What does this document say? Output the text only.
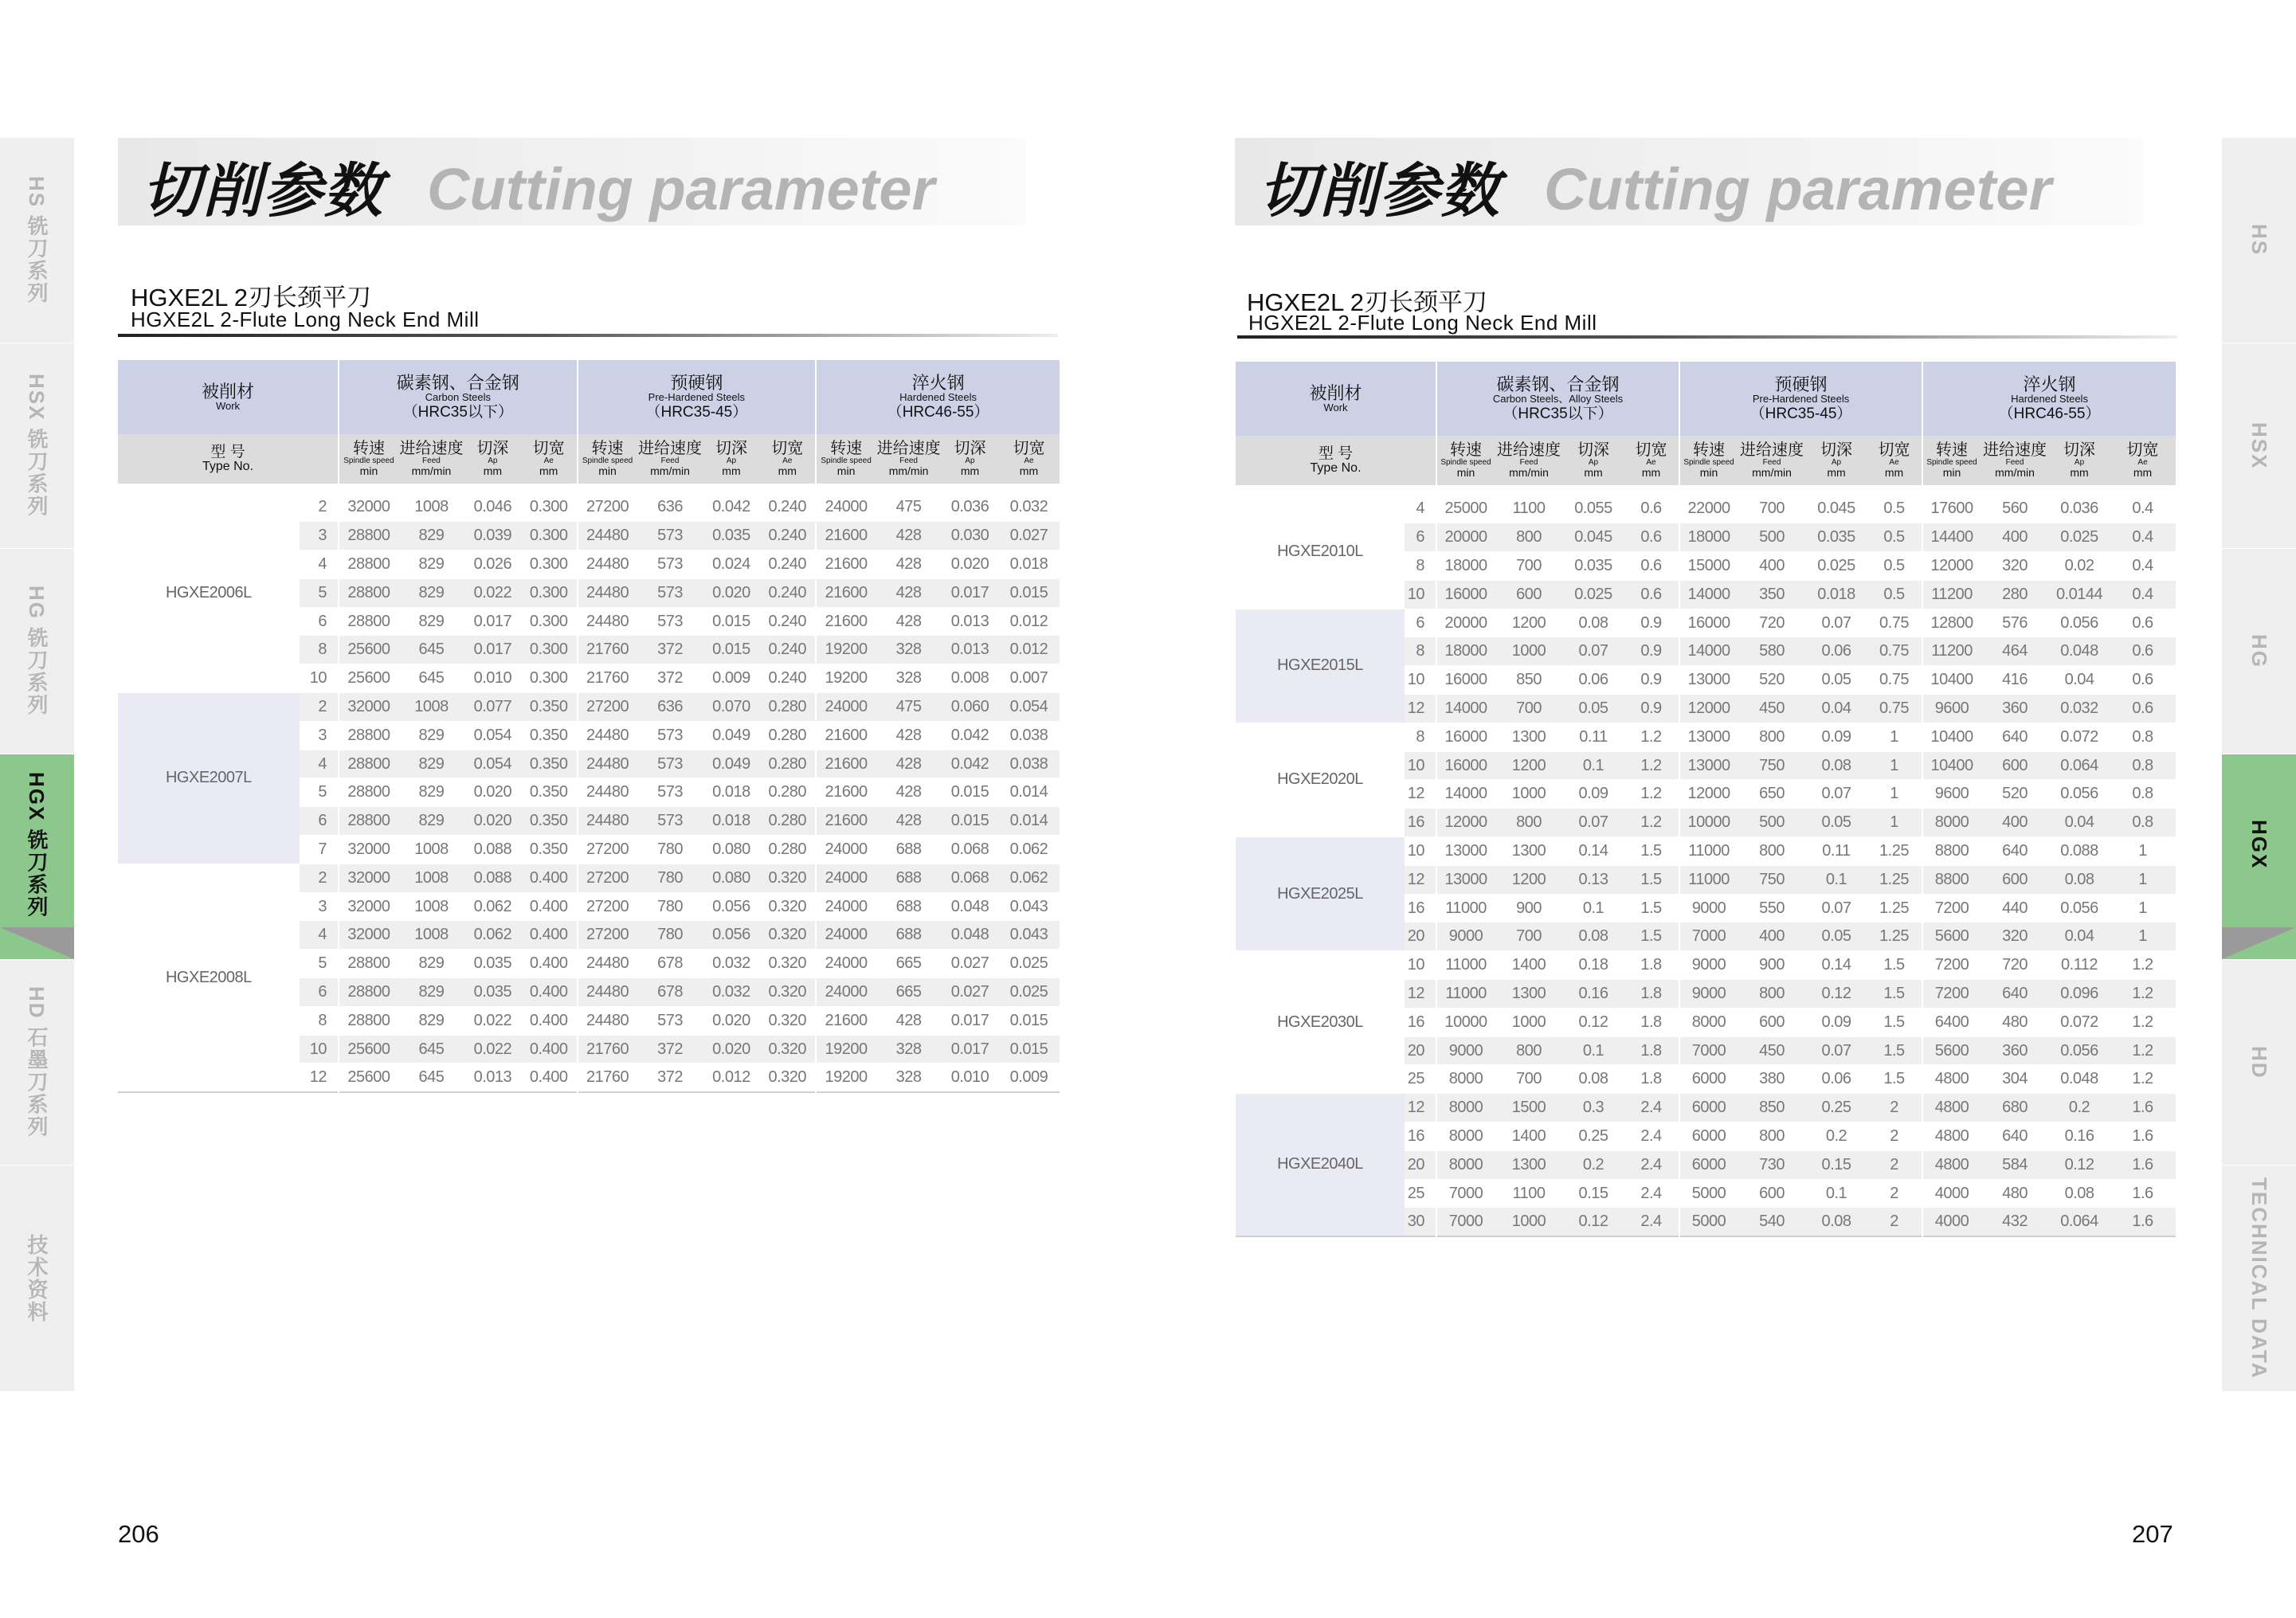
HS 铣刀系列
HSX 铣刀系列
HG 铣刀系列
HGX 铣刀系列
HD 石墨刀系列
技术资料
HS
HSX
HG
HGX
HD
TECHNICAL DATA
切削参数 Cutting parameter
HGXE2L 2刃长颈平刀
HGXE2L 2-Flute Long Neck End Mill
切削参数 Cutting parameter
HGXE2L 2刃长颈平刀
HGXE2L 2-Flute Long Neck End Mill
被削材
Work		碳素钢、合金钢
Carbon Steels
（HRC35以下）				预硬钢
Pre-Hardened Steels
（HRC35-45）				淬火钢
Hardened Steels
（HRC46-55）			

型 号
Type No.		转速
Spindle speed
min	进给速度
Feed
mm/min	切深
Ap
mm	切宽
Ae
mm	转速
Spindle speed
min	进给速度
Feed
mm/min	切深
Ap
mm	切宽
Ae
mm	转速
Spindle speed
min	进给速度
Feed
mm/min	切深
Ap
mm	切宽
Ae
mm

HGXE2006L	2	32000	1008	0.046	0.300	27200	636	0.042	0.240	24000	475	0.036	0.032
	3	28800	829	0.039	0.300	24480	573	0.035	0.240	21600	428	0.030	0.027
	4	28800	829	0.026	0.300	24480	573	0.024	0.240	21600	428	0.020	0.018
	5	28800	829	0.022	0.300	24480	573	0.020	0.240	21600	428	0.017	0.015
	6	28800	829	0.017	0.300	24480	573	0.015	0.240	21600	428	0.013	0.012
	8	25600	645	0.017	0.300	21760	372	0.015	0.240	19200	328	0.013	0.012
	10	25600	645	0.010	0.300	21760	372	0.009	0.240	19200	328	0.008	0.007
HGXE2007L	2	32000	1008	0.077	0.350	27200	636	0.070	0.280	24000	475	0.060	0.054
	3	28800	829	0.054	0.350	24480	573	0.049	0.280	21600	428	0.042	0.038
	4	28800	829	0.054	0.350	24480	573	0.049	0.280	21600	428	0.042	0.038
	5	28800	829	0.020	0.350	24480	573	0.018	0.280	21600	428	0.015	0.014
	6	28800	829	0.020	0.350	24480	573	0.018	0.280	21600	428	0.015	0.014
	7	32000	1008	0.088	0.350	27200	780	0.080	0.280	24000	688	0.068	0.062
HGXE2008L	2	32000	1008	0.088	0.400	27200	780	0.080	0.320	24000	688	0.068	0.062
	3	32000	1008	0.062	0.400	27200	780	0.056	0.320	24000	688	0.048	0.043
	4	32000	1008	0.062	0.400	27200	780	0.056	0.320	24000	688	0.048	0.043
	5	28800	829	0.035	0.400	24480	678	0.032	0.320	24000	665	0.027	0.025
	6	28800	829	0.035	0.400	24480	678	0.032	0.320	24000	665	0.027	0.025
	8	28800	829	0.022	0.400	24480	573	0.020	0.320	21600	428	0.017	0.015
	10	25600	645	0.022	0.400	21760	372	0.020	0.320	19200	328	0.017	0.015
	12	25600	645	0.013	0.400	21760	372	0.012	0.320	19200	328	0.010	0.009
被削材
Work		碳素钢、合金钢
Carbon Steels、Alloy Steels
（HRC35以下）				预硬钢
Pre-Hardened Steels
（HRC35-45）				淬火钢
Hardened Steels
（HRC46-55）			

型 号
Type No.		转速
Spindle speed
min	进给速度
Feed
mm/min	切深
Ap
mm	切宽
Ae
mm	转速
Spindle speed
min	进给速度
Feed
mm/min	切深
Ap
mm	切宽
Ae
mm	转速
Spindle speed
min	进给速度
Feed
mm/min	切深
Ap
mm	切宽
Ae
mm

HGXE2010L	4	25000	1100	0.055	0.6	22000	700	0.045	0.5	17600	560	0.036	0.4
	6	20000	800	0.045	0.6	18000	500	0.035	0.5	14400	400	0.025	0.4
	8	18000	700	0.035	0.6	15000	400	0.025	0.5	12000	320	0.02	0.4
	10	16000	600	0.025	0.6	14000	350	0.018	0.5	11200	280	0.0144	0.4
HGXE2015L	6	20000	1200	0.08	0.9	16000	720	0.07	0.75	12800	576	0.056	0.6
	8	18000	1000	0.07	0.9	14000	580	0.06	0.75	11200	464	0.048	0.6
	10	16000	850	0.06	0.9	13000	520	0.05	0.75	10400	416	0.04	0.6
	12	14000	700	0.05	0.9	12000	450	0.04	0.75	9600	360	0.032	0.6
HGXE2020L	8	16000	1300	0.11	1.2	13000	800	0.09	1	10400	640	0.072	0.8
	10	16000	1200	0.1	1.2	13000	750	0.08	1	10400	600	0.064	0.8
	12	14000	1000	0.09	1.2	12000	650	0.07	1	9600	520	0.056	0.8
	16	12000	800	0.07	1.2	10000	500	0.05	1	8000	400	0.04	0.8
HGXE2025L	10	13000	1300	0.14	1.5	11000	800	0.11	1.25	8800	640	0.088	1
	12	13000	1200	0.13	1.5	11000	750	0.1	1.25	8800	600	0.08	1
	16	11000	900	0.1	1.5	9000	550	0.07	1.25	7200	440	0.056	1
	20	9000	700	0.08	1.5	7000	400	0.05	1.25	5600	320	0.04	1
HGXE2030L	10	11000	1400	0.18	1.8	9000	900	0.14	1.5	7200	720	0.112	1.2
	12	11000	1300	0.16	1.8	9000	800	0.12	1.5	7200	640	0.096	1.2
	16	10000	1000	0.12	1.8	8000	600	0.09	1.5	6400	480	0.072	1.2
	20	9000	800	0.1	1.8	7000	450	0.07	1.5	5600	360	0.056	1.2
	25	8000	700	0.08	1.8	6000	380	0.06	1.5	4800	304	0.048	1.2
HGXE2040L	12	8000	1500	0.3	2.4	6000	850	0.25	2	4800	680	0.2	1.6
	16	8000	1400	0.25	2.4	6000	800	0.2	2	4800	640	0.16	1.6
	20	8000	1300	0.2	2.4	6000	730	0.15	2	4800	584	0.12	1.6
	25	7000	1100	0.15	2.4	5000	600	0.1	2	4000	480	0.08	1.6
	30	7000	1000	0.12	2.4	5000	540	0.08	2	4000	432	0.064	1.6
206	207
